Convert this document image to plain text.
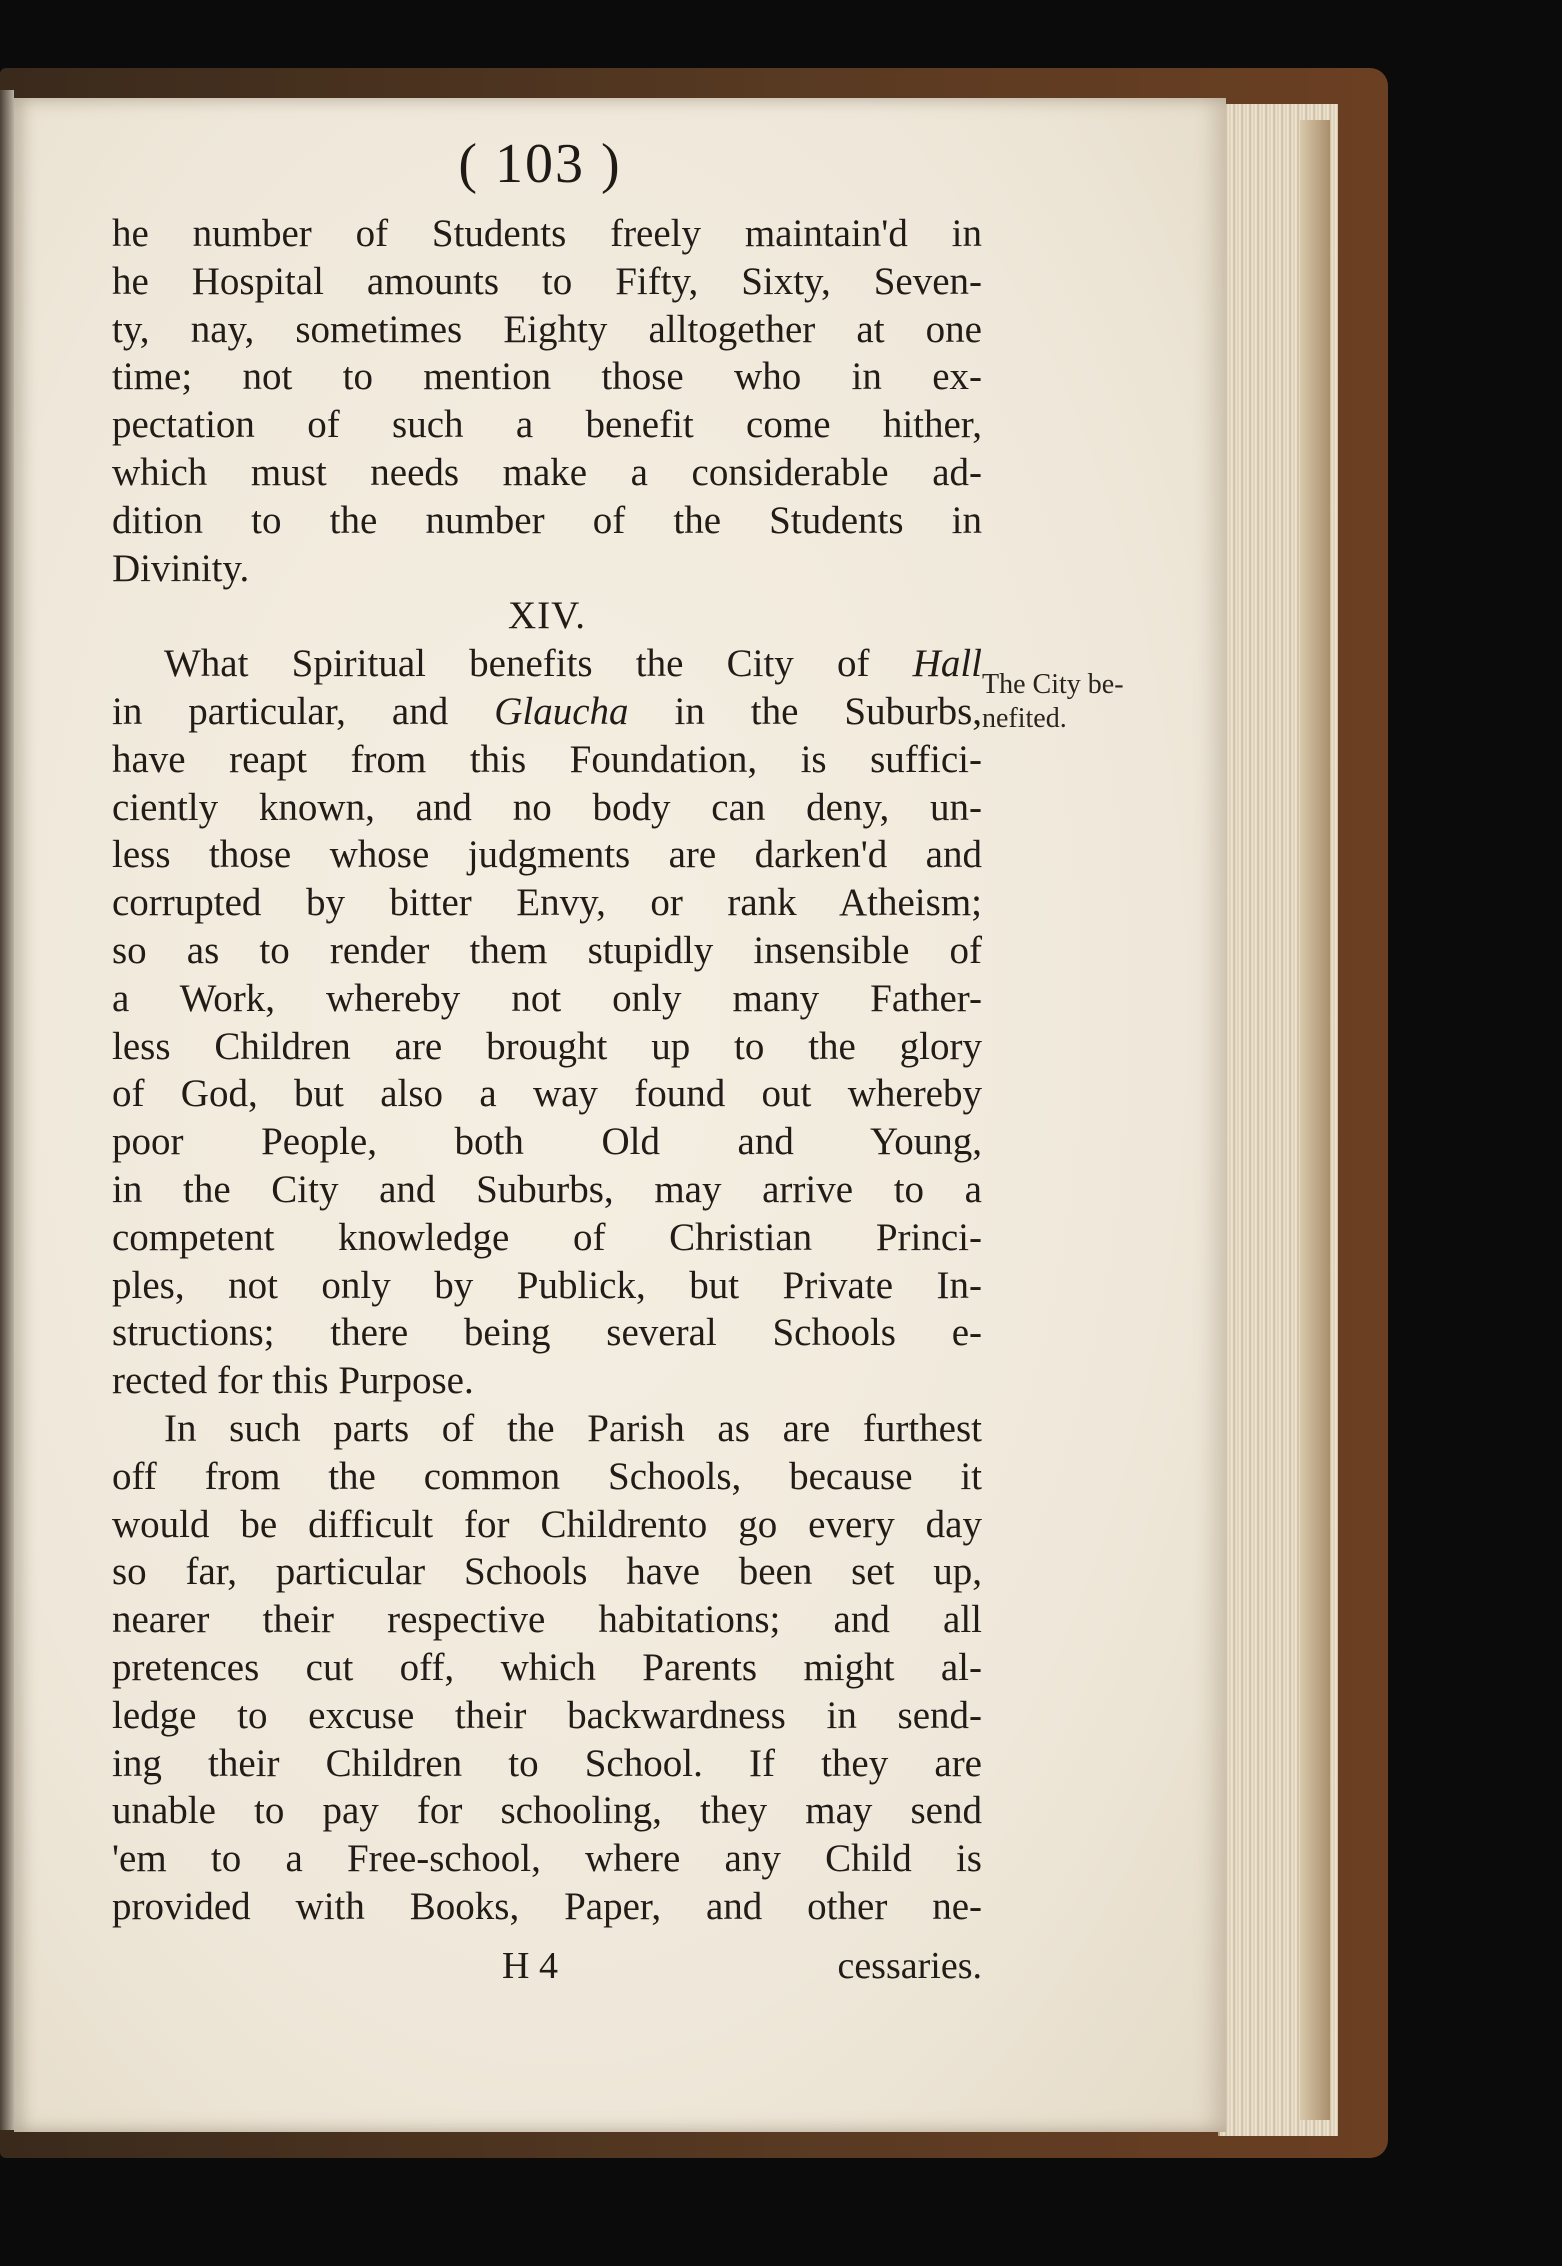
( 103 )
he number of Students freely maintain'd in
he Hospital amounts to Fifty, Sixty, Seven-
ty, nay, sometimes Eighty alltogether at one
time; not to mention those who in ex-
pectation of such a benefit come hither,
which must needs make a considerable ad-
dition to the number of the Students in
Divinity.
XIV.
What Spiritual benefits the City of Hall
in particular, and Glaucha in the Suburbs,
have reapt from this Foundation, is suffici-
ciently known, and no body can deny, un-
less those whose judgments are darken'd and
corrupted by bitter Envy, or rank Atheism;
so as to render them stupidly insensible of
a Work, whereby not only many Father-
less Children are brought up to the glory
of God, but also a way found out whereby
poor People, both Old and Young,
in the City and Suburbs, may arrive to a
competent knowledge of Christian Princi-
ples, not only by Publick, but Private In-
structions; there being several Schools e-
rected for this Purpose.
In such parts of the Parish as are furthest
off from the common Schools, because it
would be difficult for Childrento go every day
so far, particular Schools have been set up,
nearer their respective habitations; and all
pretences cut off, which Parents might al-
ledge to excuse their backwardness in send-
ing their Children to School. If they are
unable to pay for schooling, they may send
'em to a Free-school, where any Child is
provided with Books, Paper, and other ne-
The City be-
nefited.
H 4	cessaries.
